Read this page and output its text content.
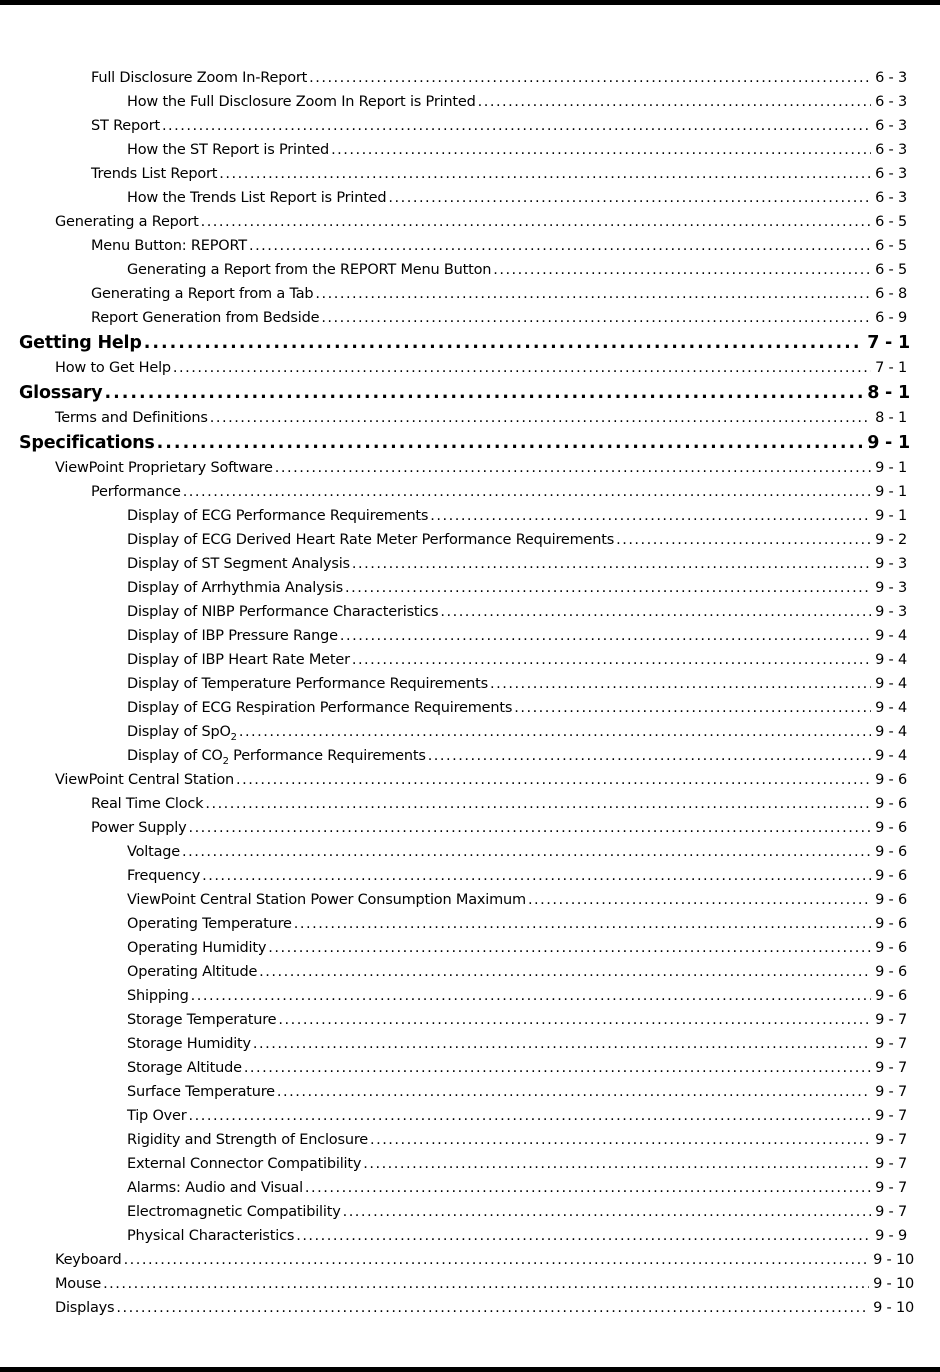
Full Disclosure Zoom In-Report .....	6 - 3
How the Full Disclosure Zoom In Report is Printed .....	6 - 3
ST Report .....	6 - 3
How the ST Report is Printed .....	6 - 3
Trends List Report .....	6 - 3
How the Trends List Report is Printed .....	6 - 3
Generating a Report .....	6 - 5
Menu Button: REPORT .....	6 - 5
Generating a Report from the REPORT Menu Button .....	6 - 5
Generating a Report from a Tab .....	6 - 8
Report Generation from Bedside .....	6 - 9
Getting Help .....	7 - 1
How to Get Help .....	7 - 1
Glossary .....	8 - 1
Terms and Definitions .....	8 - 1
Specifications .....	9 - 1
ViewPoint Proprietary Software .....	9 - 1
Performance .....	9 - 1
Display of ECG Performance Requirements .....	9 - 1
Display of ECG Derived Heart Rate Meter Performance Requirements .....	9 - 2
Display of ST Segment Analysis .....	9 - 3
Display of Arrhythmia Analysis .....	9 - 3
Display of NIBP Performance Characteristics .....	9 - 3
Display of IBP Pressure Range .....	9 - 4
Display of IBP Heart Rate Meter .....	9 - 4
Display of Temperature Performance Requirements .....	9 - 4
Display of ECG Respiration Performance Requirements .....	9 - 4
Display of SpO$_2$ .....	9 - 4
Display of $CO_2$ Performance Requirements .....	9 - 4
ViewPoint Central Station .....	9 - 6
Real Time Clock .....	9 - 6
Power Supply .....	9 - 6
Voltage .....	9 - 6
Frequency .....	9 - 6
ViewPoint Central Station Power Consumption Maximum .....	9 - 6
Operating Temperature .....	9 - 6
Operating Humidity .....	9 - 6
Operating Altitude .....	9 - 6
Shipping .....	9 - 6
Storage Temperature .....	9 - 7
Storage Humidity .....	9 - 7
Storage Altitude .....	9 - 7
Surface Temperature .....	9 - 7
Tip Over .....	9 - 7
Rigidity and Strength of Enclosure .....	9 - 7
External Connector Compatibility .....	9 - 7
Alarms: Audio and Visual .....	9 - 7
Electromagnetic Compatibility .....	9 - 7
Physical Characteristics .....	9 - 9
Keyboard .....	9 - 10
Mouse .....	9 - 10
Displays .....	9 - 10
